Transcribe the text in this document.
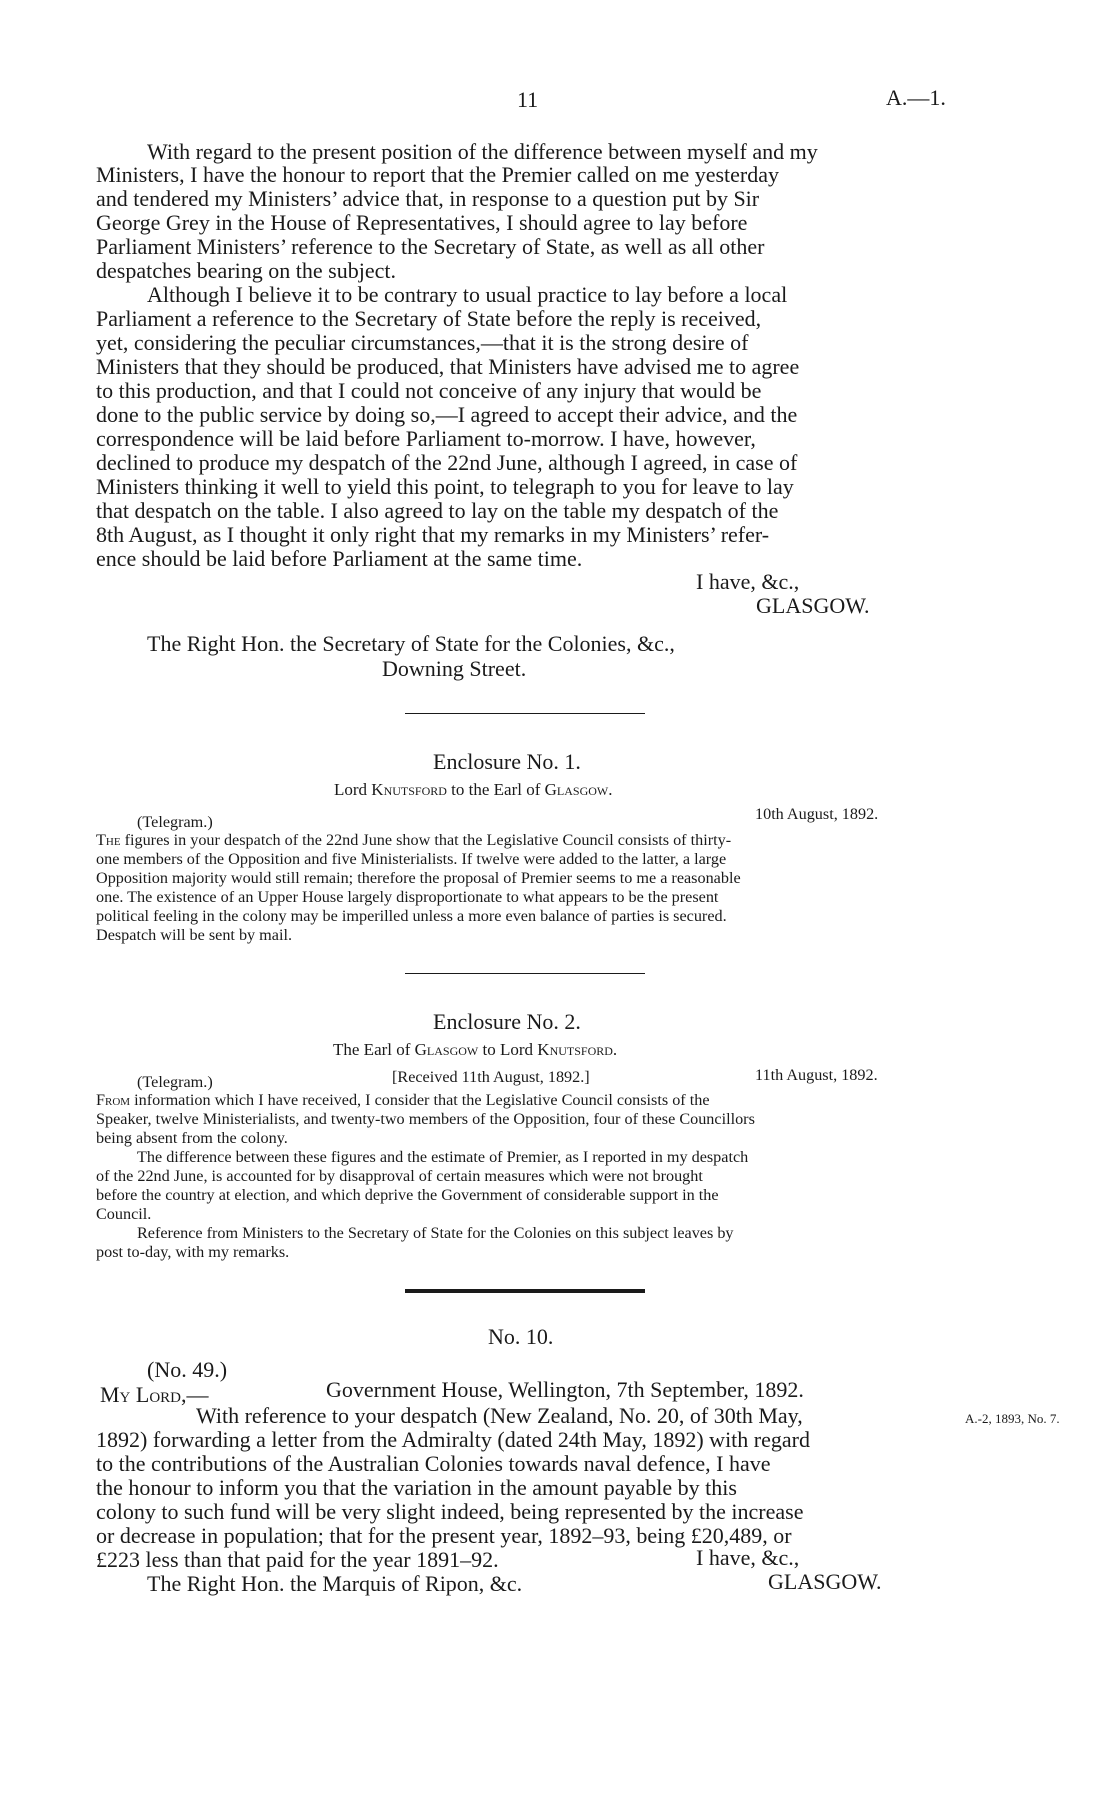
11	A.—1.
With regard to the present position of the difference between myself and my
Ministers, I have the honour to report that the Premier called on me yesterday
and tendered my Ministers’ advice that, in response to a question put by Sir
George Grey in the House of Representatives, I should agree to lay before
Parliament Ministers’ reference to the Secretary of State, as well as all other
despatches bearing on the subject.
Although I believe it to be contrary to usual practice to lay before a local
Parliament a reference to the Secretary of State before the reply is received,
yet, considering the peculiar circumstances,—that it is the strong desire of
Ministers that they should be produced, that Ministers have advised me to agree
to this production, and that I could not conceive of any injury that would be
done to the public service by doing so,—I agreed to accept their advice, and the
correspondence will be laid before Parliament to-morrow. I have, however,
declined to produce my despatch of the 22nd June, although I agreed, in case of
Ministers thinking it well to yield this point, to telegraph to you for leave to lay
that despatch on the table. I also agreed to lay on the table my despatch of the
8th August, as I thought it only right that my remarks in my Ministers’ refer-
ence should be laid before Parliament at the same time.
I have, &c.,
GLASGOW.
The Right Hon. the Secretary of State for the Colonies, &c.,
Downing Street.
Enclosure No. 1.
Lord Knutsford to the Earl of Glasgow.
(Telegram.)	10th August, 1892.
The figures in your despatch of the 22nd June show that the Legislative Council consists of thirty-
one members of the Opposition and five Ministerialists. If twelve were added to the latter, a large
Opposition majority would still remain; therefore the proposal of Premier seems to me a reasonable
one. The existence of an Upper House largely disproportionate to what appears to be the present
political feeling in the colony may be imperilled unless a more even balance of parties is secured.
Despatch will be sent by mail.
Enclosure No. 2.
The Earl of Glasgow to Lord Knutsford.
(Telegram.)	[Received 11th August, 1892.]	11th August, 1892.
From information which I have received, I consider that the Legislative Council consists of the
Speaker, twelve Ministerialists, and twenty-two members of the Opposition, four of these Councillors
being absent from the colony.
The difference between these figures and the estimate of Premier, as I reported in my despatch
of the 22nd June, is accounted for by disapproval of certain measures which were not brought
before the country at election, and which deprive the Government of considerable support in the
Council.
Reference from Ministers to the Secretary of State for the Colonies on this subject leaves by
post to-day, with my remarks.
No. 10.
(No. 49.)
My Lord,—	Government House, Wellington, 7th September, 1892.
With reference to your despatch (New Zealand, No. 20, of 30th May,	A.-2, 1893, No. 7.
1892) forwarding a letter from the Admiralty (dated 24th May, 1892) with regard
to the contributions of the Australian Colonies towards naval defence, I have
the honour to inform you that the variation in the amount payable by this
colony to such fund will be very slight indeed, being represented by the increase
or decrease in population; that for the present year, 1892–93, being £20,489, or
£223 less than that paid for the year 1891–92.	I have, &c.,
The Right Hon. the Marquis of Ripon, &c.	GLASGOW.
